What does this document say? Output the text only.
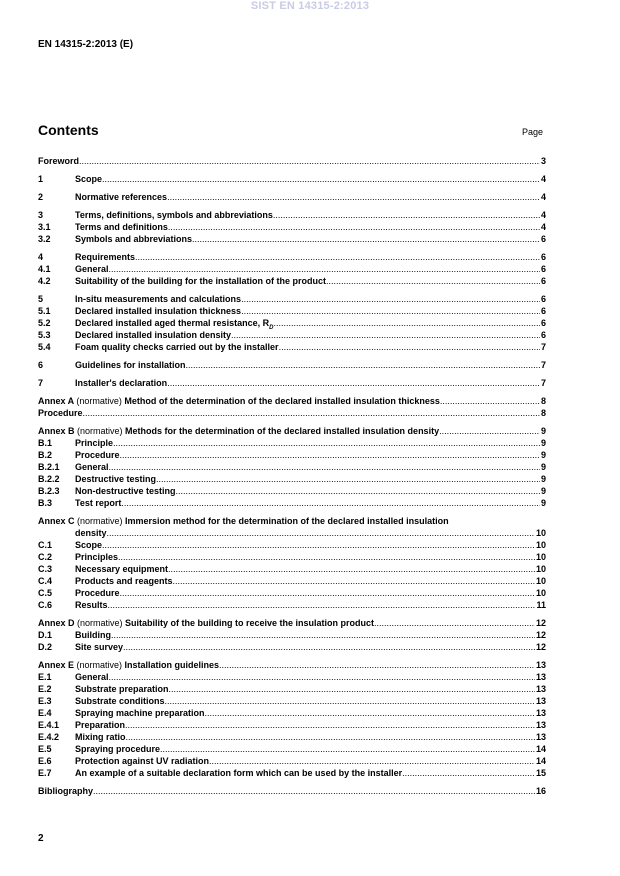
SIST EN 14315-2:2013
EN 14315-2:2013 (E)
Contents	Page
Foreword .....	3
1	Scope .....	4
2	Normative references .....	4
3	Terms, definitions, symbols and abbreviations .....	4
3.1	Terms and definitions .....	4
3.2	Symbols and abbreviations .....	6
4	Requirements .....	6
4.1	General .....	6
4.2	Suitability of the building for the installation of the product .....	6
5	In-situ measurements and calculations .....	6
5.1	Declared installed insulation thickness .....	6
5.2	Declared installed aged thermal resistance, $R_D$ .....	6
5.3	Declared installed insulation density .....	6
5.4	Foam quality checks carried out by the installer .....	7
6	Guidelines for installation .....	7
7	Installer's declaration .....	7
Annex A (normative) Method of the determination of the declared installed insulation thickness .....	8
Procedure .....	8
Annex B (normative) Methods for the determination of the declared installed insulation density .....	9
B.1	Principle .....	9
B.2	Procedure .....	9
B.2.1 General .....	9
B.2.2 Destructive testing .....	9
B.2.3 Non-destructive testing .....	9
B.3	Test report .....	9
Annex C (normative) Immersion method for the determination of the declared installed insulation
density .....	10
C.1	Scope .....	10
C.2	Principles .....	10
C.3	Necessary equipment .....	10
C.4	Products and reagents .....	10
C.5	Procedure .....	10
C.6	Results .....	11
Annex D (normative) Suitability of the building to receive the insulation product .....	12
D.1	Building .....	12
D.2	Site survey .....	12
Annex E (normative) Installation guidelines .....	13
E.1	General .....	13
E.2	Substrate preparation .....	13
E.3	Substrate conditions .....	13
E.4	Spraying machine preparation .....	13
E.4.1 Preparation .....	13
E.4.2 Mixing ratio .....	13
E.5	Spraying procedure .....	14
E.6	Protection against UV radiation .....	14
E.7	An example of a suitable declaration form which can be used by the installer .....	15
Bibliography .....	16
2
